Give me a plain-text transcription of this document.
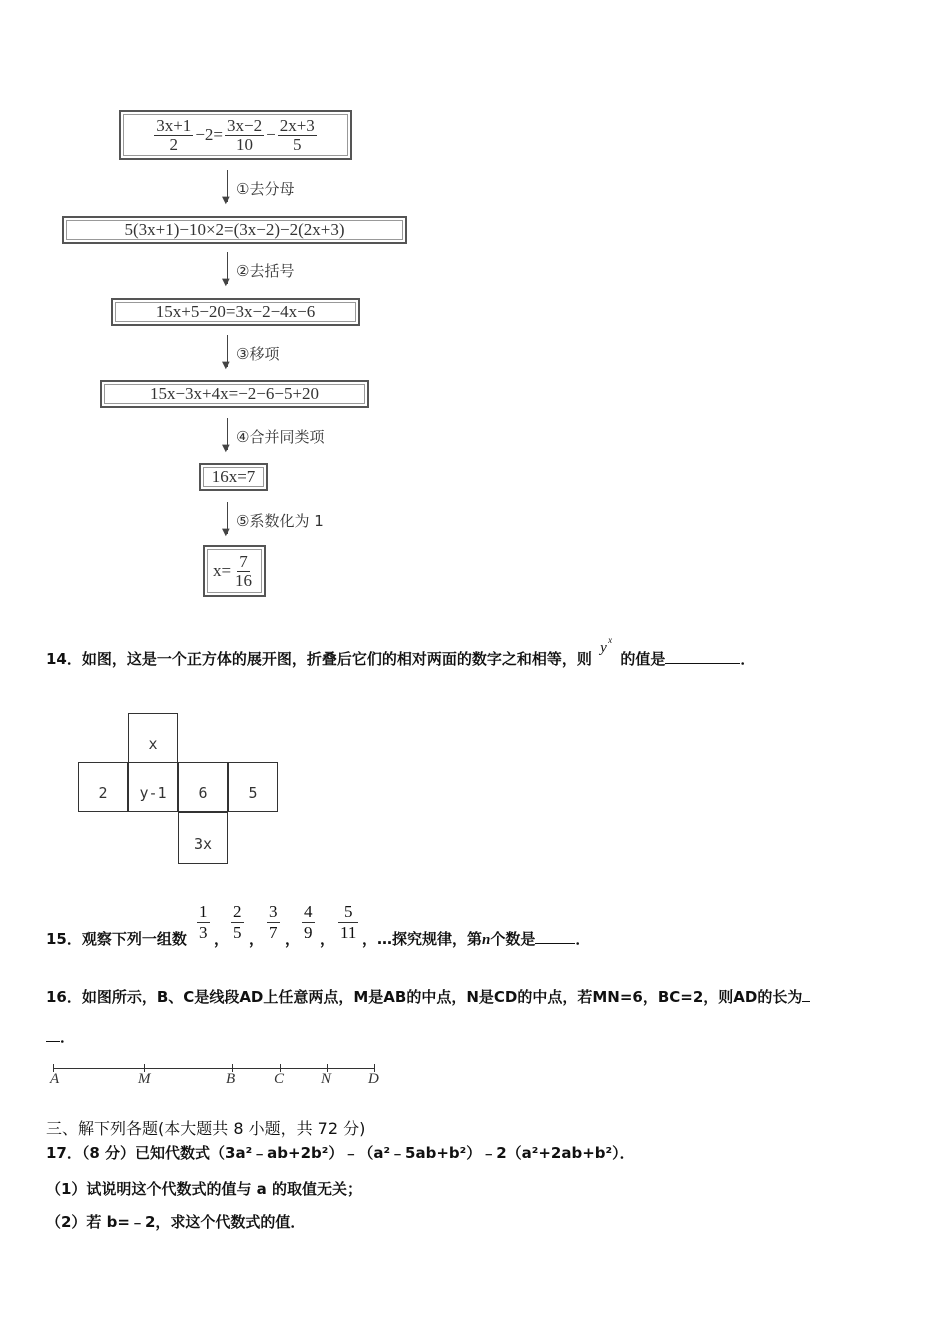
$\frac{3x+1}{2} -2= \frac{3x-2}{10} - \frac{2x+3}{5}$
▼
①去分母
5(3x+1)−10×2=(3x−2)−2(2x+3)
▼
②去括号
15x+5−20=3x−2−4x−6
▼
③移项
15x−3x+4x=−2−6−5+20
▼
④合并同类项
16x=7
▼
⑤系数化为 1
$x= \frac{7}{16}$
14．如图，这是一个正方体的展开图，折叠后它们的相对两面的数字之和相等，则
y x
的值是	．
x
2	y-1	6	5
3x
15．观察下列一组数 $\frac{1}{3}$ ， $\frac{2}{5}$ ， $\frac{3}{7}$ ， $\frac{4}{9}$ ， $\frac{5}{11}$ ，…探究规律，第n个数是	．
16．如图所示，B、C是线段AD上任意两点，M是AB的中点，N是CD的中点，若MN=6，BC=2，则AD的长为
．
A	M	B	C N D
三、解下列各题(本大题共 8 小题，共 72 分)
17．（8 分）已知代数式（3a²﹣ab+2b²）﹣（a²﹣5ab+b²）﹣2（a²+2ab+b²）．
（1）试说明这个代数式的值与 a 的取值无关；
（2）若 b=﹣2，求这个代数式的值．
